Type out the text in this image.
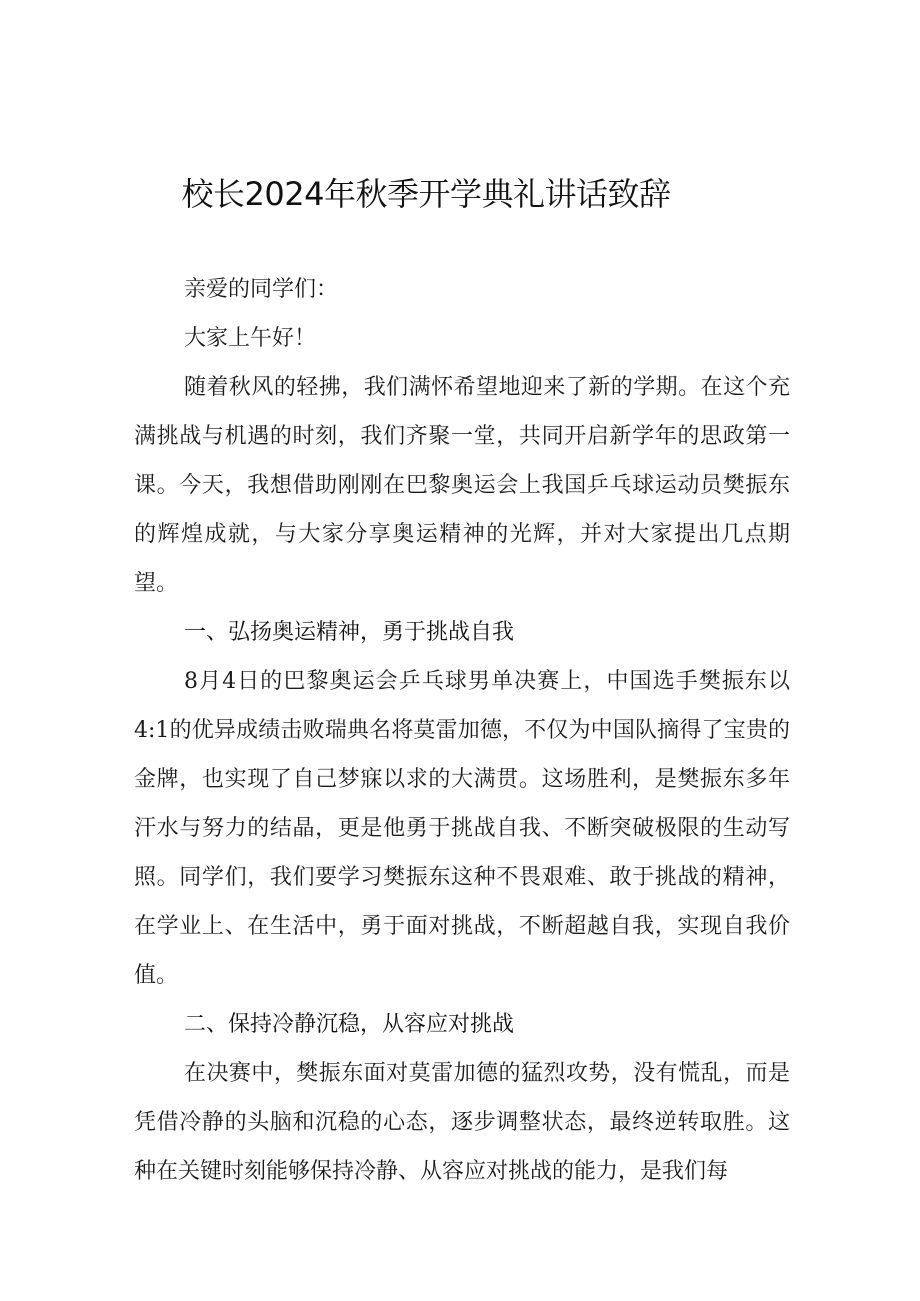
校长2024年秋季开学典礼讲话致辞

亲爱的同学们：

大家上午好！

随着秋风的轻拂，我们满怀希望地迎来了新的学期。在这个充满挑战与机遇的时刻，我们齐聚一堂，共同开启新学年的思政第一课。今天，我想借助刚刚在巴黎奥运会上我国乒乓球运动员樊振东的辉煌成就，与大家分享奥运精神的光辉，并对大家提出几点期望。

一、弘扬奥运精神，勇于挑战自我

8月4日的巴黎奥运会乒乓球男单决赛上，中国选手樊振东以4:1的优异成绩击败瑞典名将莫雷加德，不仅为中国队摘得了宝贵的金牌，也实现了自己梦寐以求的大满贯。这场胜利，是樊振东多年汗水与努力的结晶，更是他勇于挑战自我、不断突破极限的生动写照。同学们，我们要学习樊振东这种不畏艰难、敢于挑战的精神，在学业上、在生活中，勇于面对挑战，不断超越自我，实现自我价值。

二、保持冷静沉稳，从容应对挑战

在决赛中，樊振东面对莫雷加德的猛烈攻势，没有慌乱，而是凭借冷静的头脑和沉稳的心态，逐步调整状态，最终逆转取胜。这种在关键时刻能够保持冷静、从容应对挑战的能力，是我们每
